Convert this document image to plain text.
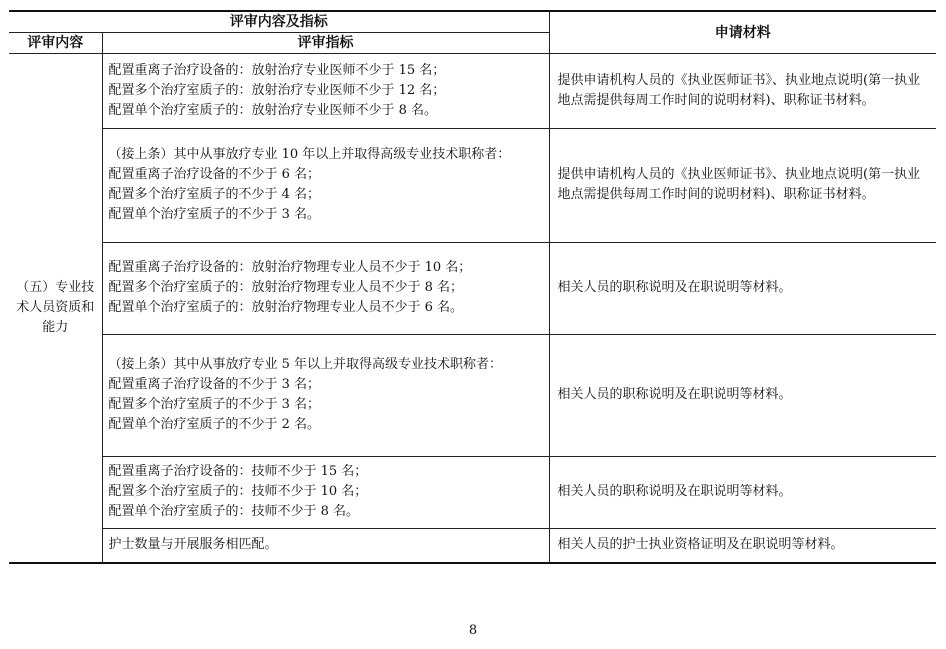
评审内容及指标		申请材料
评审内容	评审指标	

（五）专业技术人员资质和能力	配置重离子治疗设备的：放射治疗专业医师不少于 15 名；
配置多个治疗室质子的：放射治疗专业医师不少于 12 名；
配置单个治疗室质子的：放射治疗专业医师不少于 8 名。	提供申请机构人员的《执业医师证书》、执业地点说明(第一执业地点需提供每周工作时间的说明材料)、职称证书材料。

	（接上条）其中从事放疗专业 10 年以上并取得高级专业技术职称者：
配置重离子治疗设备的不少于 6 名；
配置多个治疗室质子的不少于 4 名；
配置单个治疗室质子的不少于 3 名。	提供申请机构人员的《执业医师证书》、执业地点说明(第一执业地点需提供每周工作时间的说明材料)、职称证书材料。

	配置重离子治疗设备的：放射治疗物理专业人员不少于 10 名；
配置多个治疗室质子的：放射治疗物理专业人员不少于 8 名；
配置单个治疗室质子的：放射治疗物理专业人员不少于 6 名。	相关人员的职称说明及在职说明等材料。

	（接上条）其中从事放疗专业 5 年以上并取得高级专业技术职称者：
配置重离子治疗设备的不少于 3 名；
配置多个治疗室质子的不少于 3 名；
配置单个治疗室质子的不少于 2 名。	相关人员的职称说明及在职说明等材料。

	配置重离子治疗设备的：技师不少于 15 名；
配置多个治疗室质子的：技师不少于 10 名；
配置单个治疗室质子的：技师不少于 8 名。	相关人员的职称说明及在职说明等材料。

	护士数量与开展服务相匹配。	相关人员的护士执业资格证明及在职说明等材料。
8
